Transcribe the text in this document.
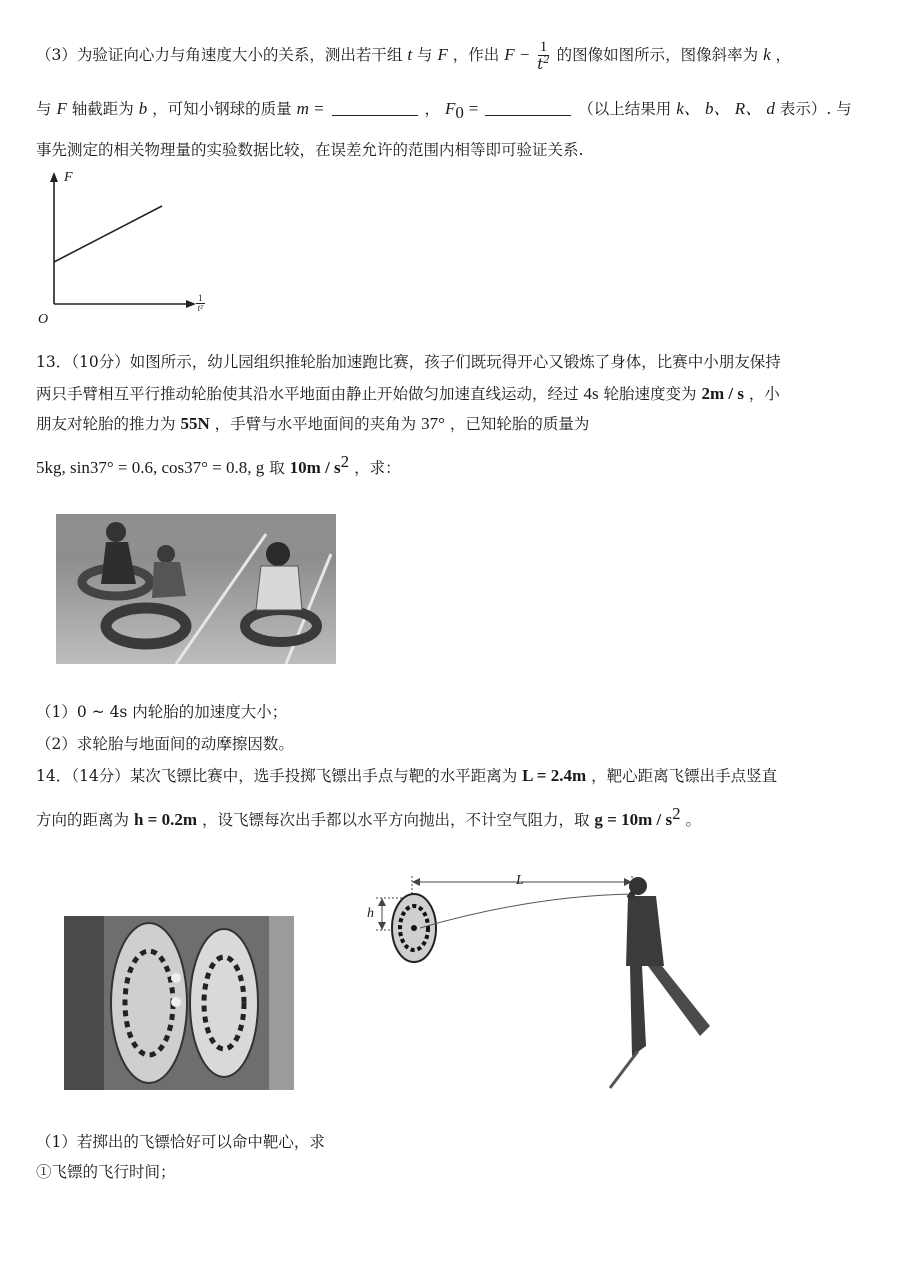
（3）为验证向心力与角速度大小的关系，测出若干组 t 与 F ，作出 $F - \frac{1}{t^2}$ 的图像如图所示，图像斜率为 k ，
与 F 轴截距为 b ，可知小钢球的质量 m =	， $F_0$ =	（以上结果用 k、 b、 R、 d 表示）. 与
事先测定的相关物理量的实验数据比较，在误差允许的范围内相等即可验证关系.
F
O
$\frac{1}{\text{t²}}$
13．（10分）如图所示，幼儿园组织推轮胎加速跑比赛，孩子们既玩得开心又锻炼了身体，比赛中小朋友保持
两只手臂相互平行推动轮胎使其沿水平地面由静止开始做匀加速直线运动，经过 4s 轮胎速度变为 2m / s ，小
朋友对轮胎的推力为 55N ，手臂与水平地面间的夹角为 37° ，已知轮胎的质量为
5kg, sin37° = 0.6, cos37° = 0.8, g 取 $10m / s^2$ ，求：
（1）0 ~ 4s 内轮胎的加速度大小；
（2）求轮胎与地面间的动摩擦因数。
14．（14分）某次飞镖比赛中，选手投掷飞镖出手点与靶的水平距离为 L = 2.4m ，靶心距离飞镖出手点竖直
方向的距离为 h = 0.2m ，设飞镖每次出手都以水平方向抛出，不计空气阻力，取 $g = 10m / s^2$ 。
L
h
（1）若掷出的飞镖恰好可以命中靶心，求
①飞镖的飞行时间；
